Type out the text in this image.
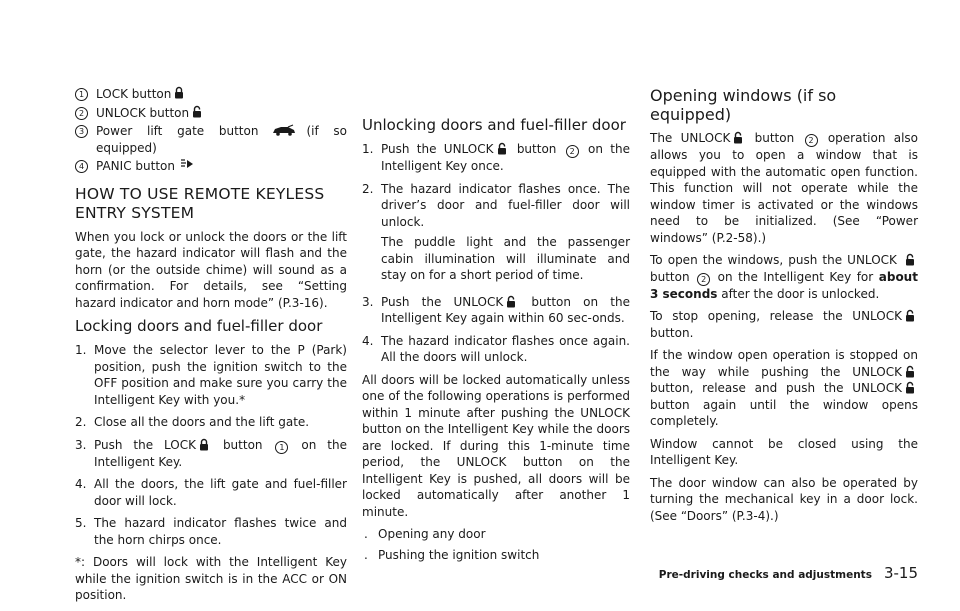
1 LOCK button
2 UNLOCK button
3 Power lift gate button	(if so equipped)
4 PANIC button
HOW TO USE REMOTE KEYLESS ENTRY SYSTEM

When you lock or unlock the doors or the lift gate, the hazard indicator will flash and the horn (or the outside chime) will sound as a confirmation. For details, see “Setting hazard indicator and horn mode” (P.3-16).

Locking doors and fuel-filler door
1. Move the selector lever to the P (Park) position, push the ignition switch to the OFF position and make sure you carry the Intelligent Key with you.*
2. Close all the doors and the lift gate.
3. Push the LOCK button 1 on the Intelligent Key.
4. All the doors, the lift gate and fuel-filler door will lock.
5. The hazard indicator flashes twice and the horn chirps once.

*: Doors will lock with the Intelligent Key while the ignition switch is in the ACC or ON position.

Unlocking doors and fuel-filler door
1. Push the UNLOCK button 2 on the Intelligent Key once.
2. The hazard indicator flashes once. The driver’s door and fuel-filler door will unlock.

The puddle light and the passenger cabin illumination will illuminate and stay on for a short period of time.

3. Push the UNLOCK button on the Intelligent Key again within 60 sec-onds.
4. The hazard indicator flashes once again. All the doors will unlock.

All doors will be locked automatically unless one of the following operations is performed within 1 minute after pushing the UNLOCK button on the Intelligent Key while the doors are locked. If during this 1-minute time period, the UNLOCK button on the Intelligent Key is pushed, all doors will be locked automatically after another 1 minute.

. Opening any door
. Pushing the ignition switch
Opening windows (if so equipped)

The UNLOCK button 2 operation also allows you to open a window that is equipped with the automatic open function. This function will not operate while the window timer is activated or the windows need to be initialized. (See “Power windows” (P.2-58).)

To open the windows, push the UNLOCK  button 2 on the Intelligent Key for about 3 seconds after the door is unlocked.

To stop opening, release the UNLOCK button.

If the window open operation is stopped on the way while pushing the UNLOCK button, release and push the UNLOCK button again until the window opens completely.

Window cannot be closed using the Intelligent Key.

The door window can also be operated by turning the mechanical key in a door lock. (See “Doors” (P.3-4).)

Pre-driving checks and adjustments 3-15
